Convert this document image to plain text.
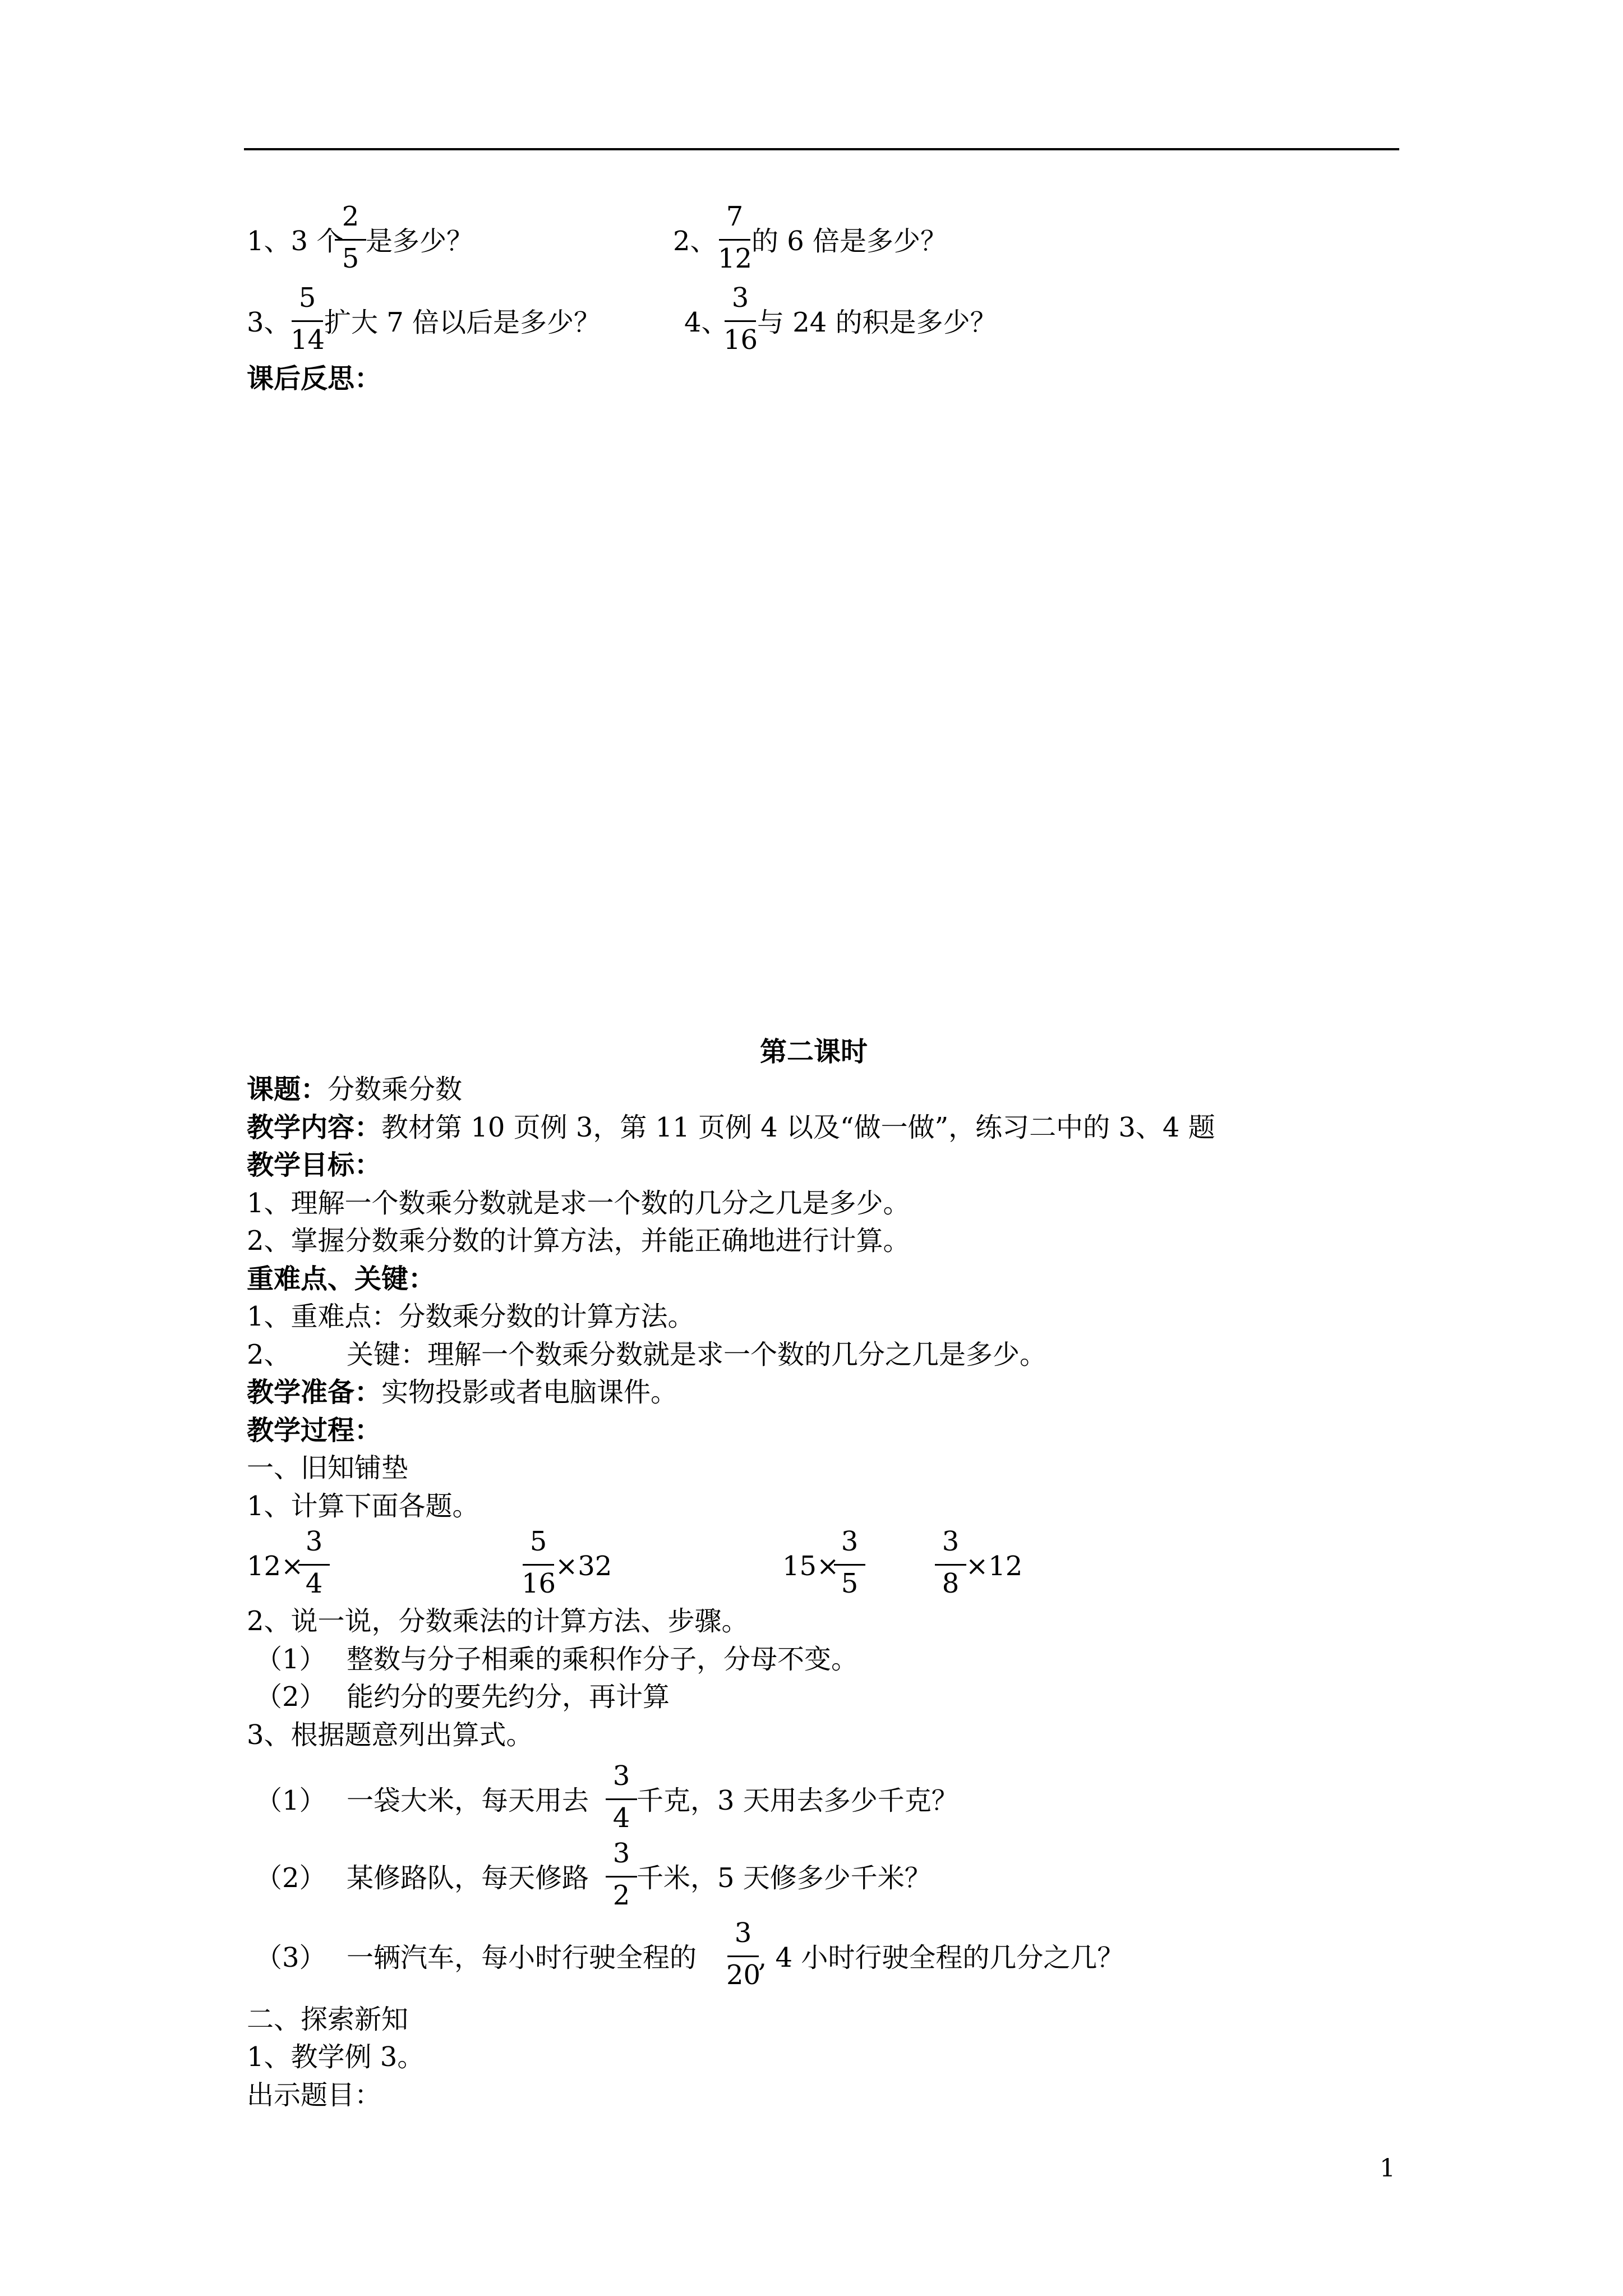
1、3 个
2
5
是多少？	2、
7
12
的 6 倍是多少？
3、
5
14
扩大 7 倍以后是多少？	4、
3
16
与 24 的积是多少？
课后反思：
第二课时
课题：分数乘分数
教学内容：教材第 10 页例 3，第 11 页例 4 以及“做一做”，练习二中的 3、4 题
教学目标：
1、理解一个数乘分数就是求一个数的几分之几是多少。
2、掌握分数乘分数的计算方法，并能正确地进行计算。
重难点、关键：
1、重难点：分数乘分数的计算方法。
2、 关键：理解一个数乘分数就是求一个数的几分之几是多少。
教学准备：实物投影或者电脑课件。
教学过程：
一、旧知铺垫
1、计算下面各题。
12×
3
4
5
16
×32	15×
3
5
3
8
×12
2、说一说，分数乘法的计算方法、步骤。
（1） 整数与分子相乘的乘积作分子，分母不变。
（2） 能约分的要先约分，再计算
3、根据题意列出算式。
（1） 一袋大米，每天用去
3
4
千克，3 天用去多少千克？
（2） 某修路队，每天修路
3
2
千米，5 天修多少千米？
（3） 一辆汽车，每小时行驶全程的
3
20
, 4 小时行驶全程的几分之几？
二、探索新知
1、教学例 3。
出示题目：
1
